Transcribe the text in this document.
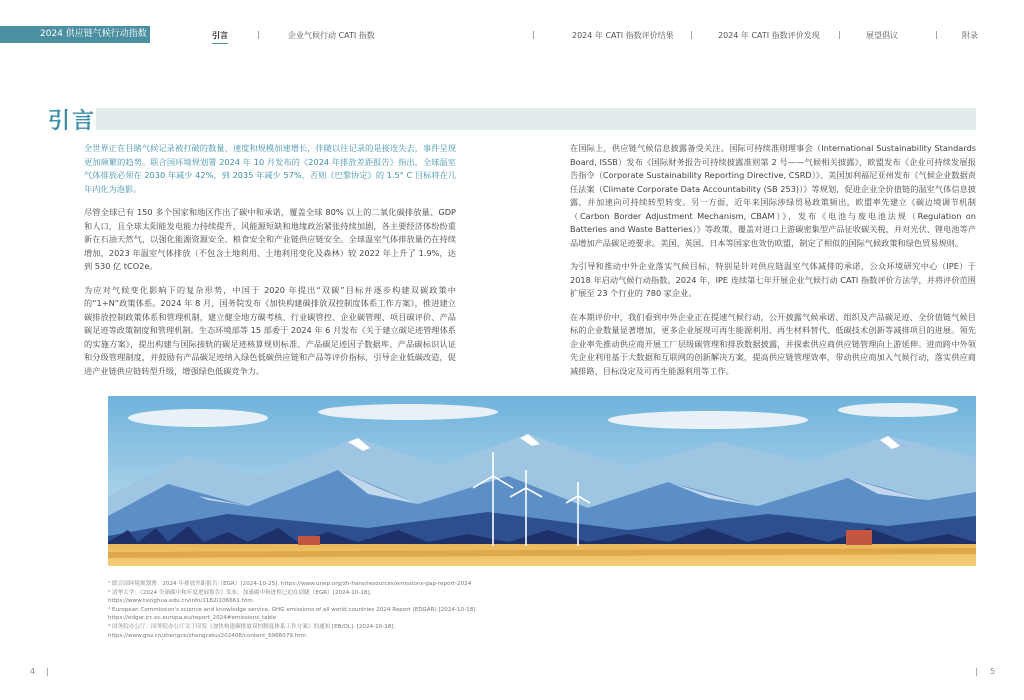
2024 供应链气候行动指数	引言	|	企业气候行动 CATI 指数	|	2024 年 CATI 指数评价结果 |	2024 年 CATI 指数评价发现 |	展望倡议	|	附录
引言

全世界正在目睹气候记录被打破的数量、速度和规模加速增长，伴随以往记录的是接连失去，事件呈现更加频繁的趋势。联合国环境规划署 2024 年 10 月发布的《2024 年排放差距报告》指出，全球温室气体排放必须在 2030 年减少 42%，到 2035 年减少 57%，否则《巴黎协定》的 1.5° C 目标将在几年内化为泡影。

尽管全球已有 150 多个国家和地区作出了碳中和承诺，覆盖全球 80% 以上的二氧化碳排放量、GDP 和人口，且全球太阳能发电能力持续提升，风能源短缺和地缘政治紧张持续加剧，各主要经济体纷纷重新在石油天然气，以强化能源资源安全、粮食安全和产业链供应链安全。全球温室气体排放量仍在持续增加，2023 年温室气体排放（不包含土地利用、土地利用变化及森林）较 2022 年上升了 1.9%，达到 530 亿 tCO2e。

为应对气候变化影响下的复杂形势，中国于 2020 年提出“双碳”目标并逐步构建双碳政策中的“1+N”政策体系。2024 年 8 月，国务院发布《加快构建碳排放双控制度体系工作方案》，推进建立碳排放控制政策体系和管理机制，建立健全地方碳考核、行业碳管控、企业碳管理、项目碳评价、产品碳足迹等政策制度和管理机制。生态环境部等 15 部委于 2024 年 6 月发布《关于建立碳足迹管理体系的实施方案》，提出构建与国际接轨的碳足迹核算规则标准、产品碳足迹因子数据库、产品碳标识认证和分级管理制度，并鼓励有产品碳足迹纳入绿色低碳供应链和产品等评价指标，引导企业低碳改造，促进产业链供应链转型升级，增强绿色低碳竞争力。

在国际上，供应链气候信息披露备受关注。国际可持续准则理事会（International Sustainability Standards Board, ISSB）发布《国际财务报告可持续披露准则第 2 号——气候相关披露》，欧盟发布《企业可持续发展报告指令（Corporate Sustainability Reporting Directive, CSRD）》、美国加利福尼亚州发布《气候企业数据责任法案（Climate Corporate Data Accountability (SB 253)）》等规划，促进企业全价值链的温室气体信息披露，并加速向可持续转型转变。另一方面，近年来国际涉绿贸易政策频出，欧盟率先建立《碳边境调节机制（Carbon Border Adjustment Mechanism, CBAM）》，发布《电池与废电池法规（Regulation on Batteries and Waste Batteries）》等政策，覆盖对进口上游碳密集型产品征收碳关税，并对光伏、锂电池等产品增加产品碳足迹要求。美国、英国、日本等国家也效仿欧盟，制定了相似的国际气候政策和绿色贸易规则。

为引导和推动中外企业落实气候目标，特别是针对供应链温室气体减排的承诺，公众环境研究中心（IPE）于 2018 年启动气候行动指数。2024 年，IPE 连续第七年开展企业气候行动 CATI 指数评价方法学，并将评价范围扩展至 23 个行业的 780 家企业。

在本期评价中，我们看到中外企业正在提速气候行动，公开披露气候承诺、组织及产品碳足迹、全价值链气候目标的企业数量显著增加，更多企业展现可再生能源利用、再生材料替代、低碳技术创新等减排项目的进展。领先企业率先推动供应商开展工厂层级碳管理和排放数据披露，并探索供应商供应链管理向上游延伸。进而跨中外领先企业利用基于大数据和互联网的创新解决方案，提高供应链管理效率，带动供应商加入气候行动，落实供应商减排路、目标设定及可再生能源利用等工作。

¹ 联合国环境规划署：2024 年排放差距报告（EGR）[2024-10-25]. https://www.unep.org/zh-hans/resources/emissions-gap-report-2024
² 清华大学：《2024 全球碳中和年度进展报告》发布，加速碳中和进程已迫在眉睫（EGR）[2024-10-18].
https://www.tsinghua.edu.cn/info/1182/106661.htm
³ European Commission's science and knowledge service. GHG emissions of all world countries 2024 Report (EDGAR) [2024-10-18].
https://edgar.jrc.ec.europa.eu/report_2024#emissions_table
⁴ 国务院办公厅：国务院办公厅关于印发《加快构建碳排放双控制度体系工作方案》的通知 [EB/OL]. [2024-10-18].
https://www.gov.cn/zhengce/zhengceku/202408/content_6966079.htm
4 |	| 5
